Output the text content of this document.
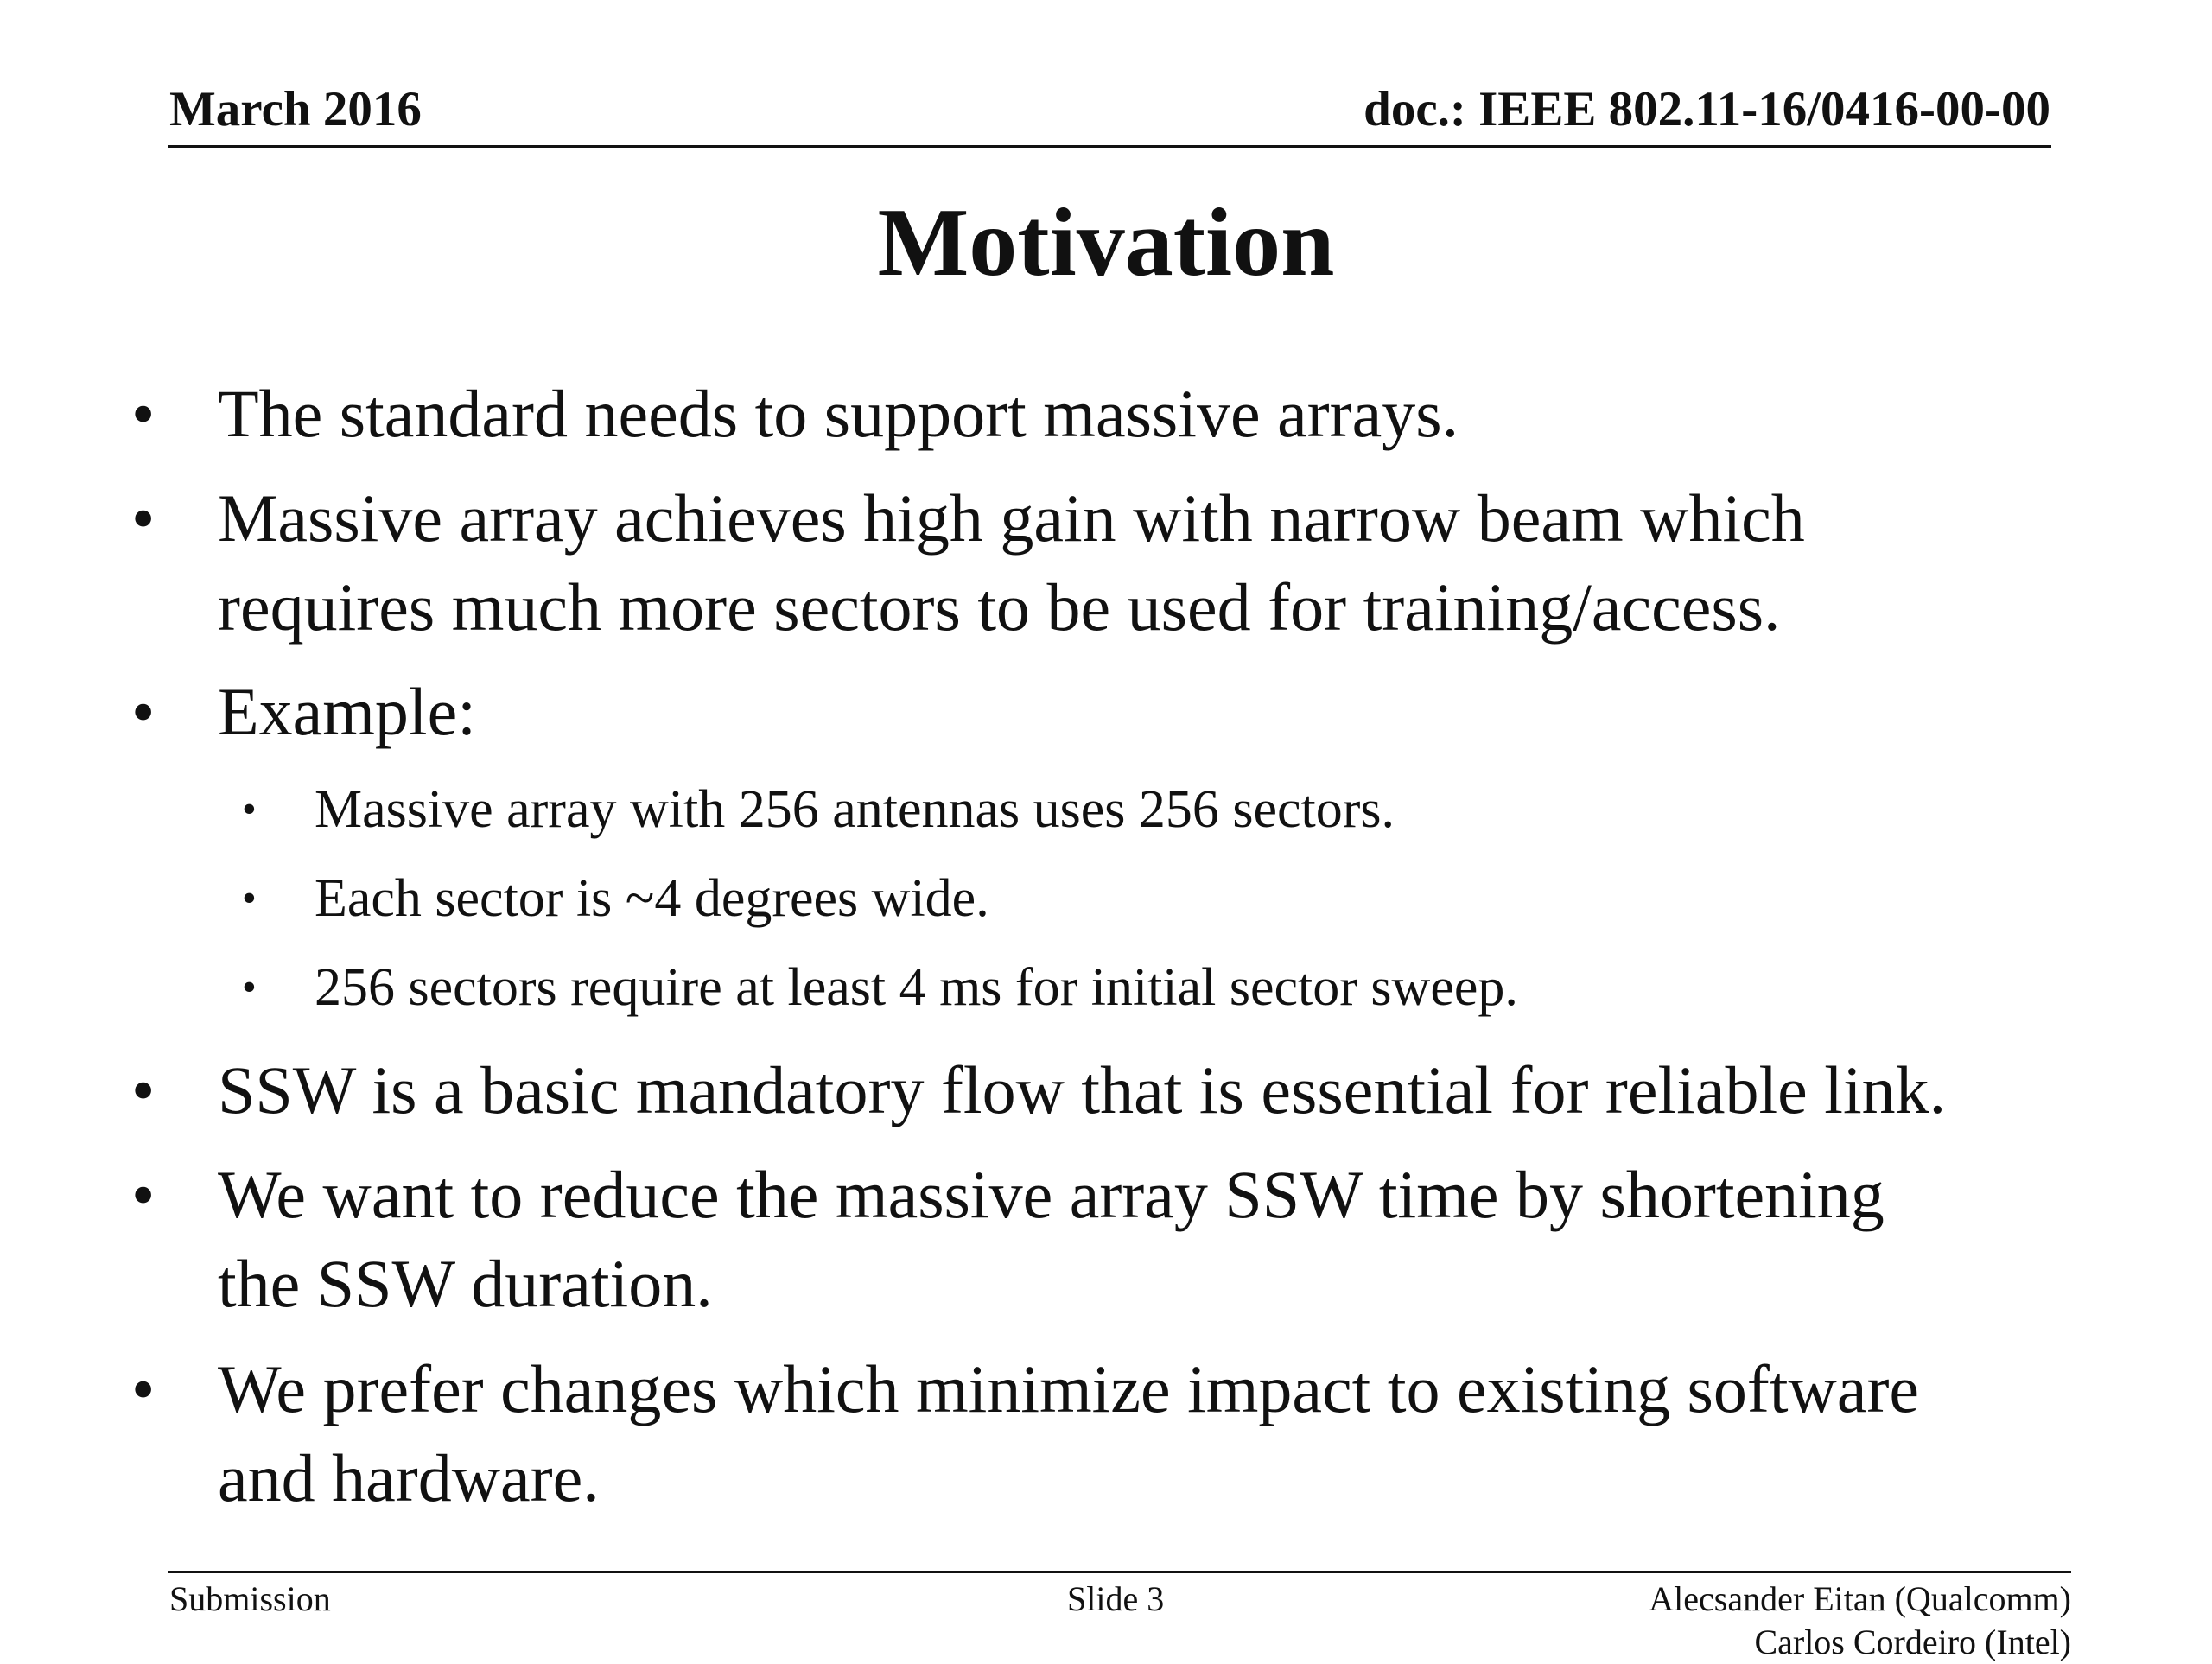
March 2016	doc.: IEEE 802.11-16/0416-00-00
Motivation
• The standard needs to support massive arrays.
• Massive array achieves high gain with narrow beam which
requires much more sectors to be used for training/access.
• Example:
•	Massive array with 256 antennas uses 256 sectors.
•	Each sector is ~4 degrees wide.
•	256 sectors require at least 4 ms for initial sector sweep.
• SSW is a basic mandatory flow that is essential for reliable link.
• We want to reduce the massive array SSW time by shortening
the SSW duration.
• We prefer changes which minimize impact to existing software
and hardware.
Submission	Slide 3	Alecsander Eitan (Qualcomm)
Carlos Cordeiro (Intel)
